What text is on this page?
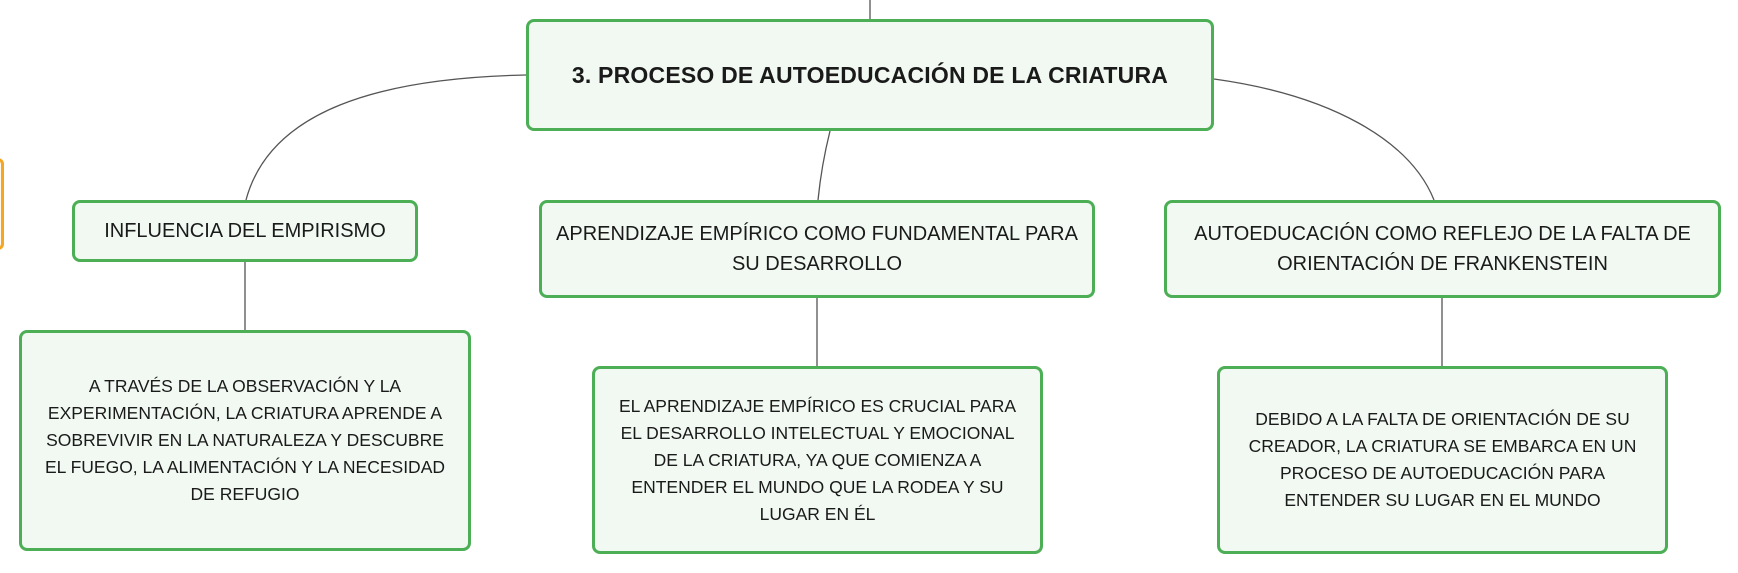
3. PROCESO DE AUTOEDUCACIÓN DE LA CRIATURA
INFLUENCIA DEL EMPIRISMO	APRENDIZAJE EMPÍRICO COMO FUNDAMENTAL PARA SU DESARROLLO
AUTOEDUCACIÓN COMO REFLEJO DE LA FALTA DE ORIENTACIÓN DE FRANKENSTEIN
A TRAVÉS DE LA OBSERVACIÓN Y LA EXPERIMENTACIÓN, LA CRIATURA APRENDE A SOBREVIVIR EN LA NATURALEZA Y DESCUBRE EL FUEGO, LA ALIMENTACIÓN Y LA NECESIDAD DE REFUGIO
EL APRENDIZAJE EMPÍRICO ES CRUCIAL PARA EL DESARROLLO INTELECTUAL Y EMOCIONAL DE LA CRIATURA, YA QUE COMIENZA A ENTENDER EL MUNDO QUE LA RODEA Y SU LUGAR EN ÉL
DEBIDO A LA FALTA DE ORIENTACIÓN DE SU CREADOR, LA CRIATURA SE EMBARCA EN UN PROCESO DE AUTOEDUCACIÓN PARA ENTENDER SU LUGAR EN EL MUNDO
